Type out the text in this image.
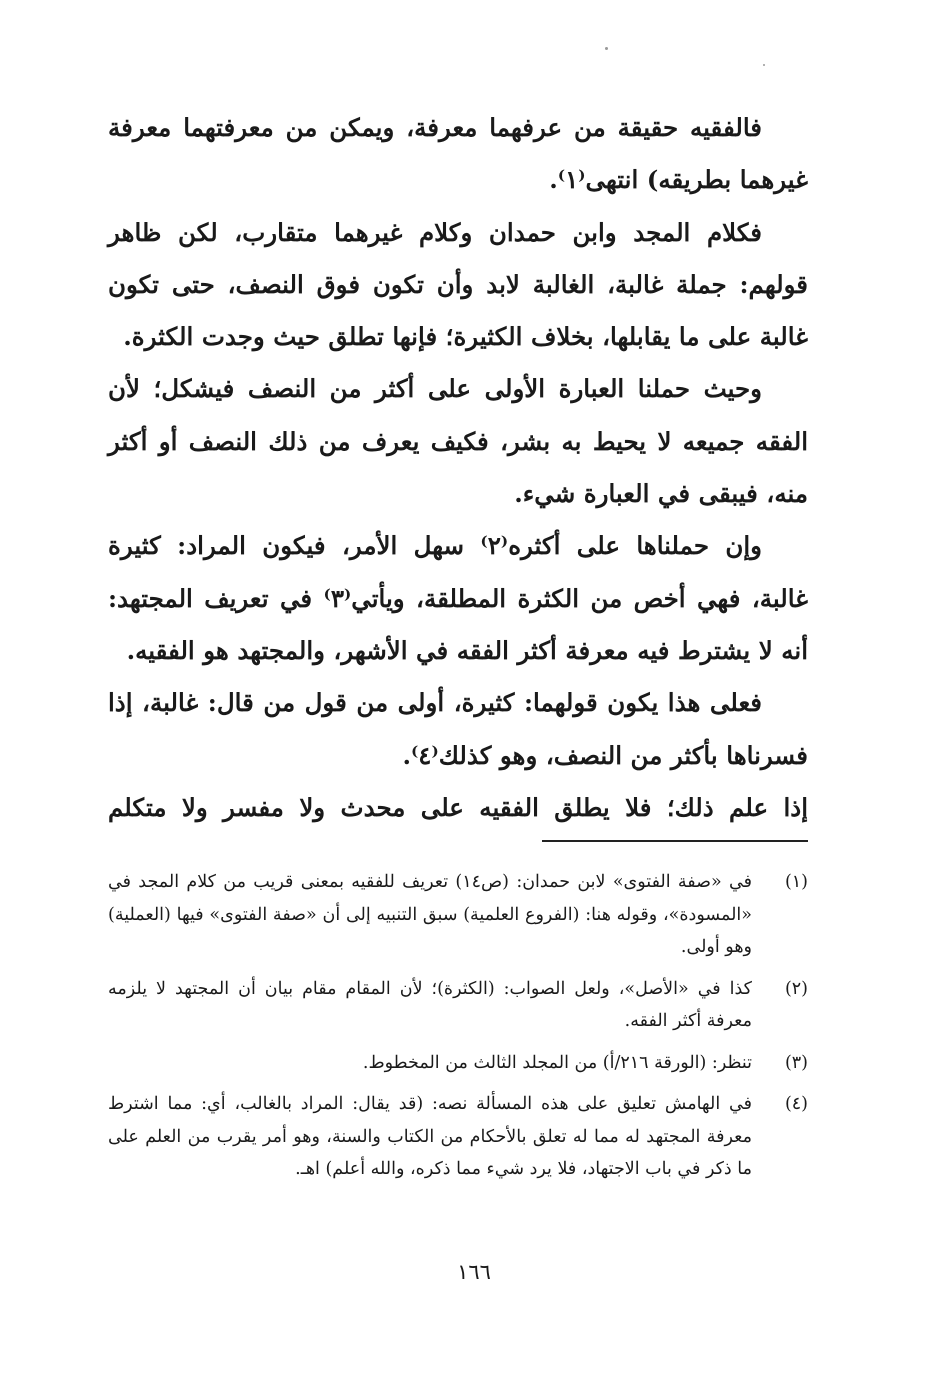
فالفقيه حقيقة من عرفهما معرفة، ويمكن من معرفتهما معرفة غيرهما بطريقه) انتهى⁽١⁾.

فكلام المجد وابن حمدان وكلام غيرهما متقارب، لكن ظاهر قولهم: جملة غالبة، الغالبة لابد وأن تكون فوق النصف، حتى تكون غالبة على ما يقابلها، بخلاف الكثيرة؛ فإنها تطلق حيث وجدت الكثرة.

وحيث حملنا العبارة الأولى على أكثر من النصف فيشكل؛ لأن الفقه جميعه لا يحيط به بشر، فكيف يعرف من ذلك النصف أو أكثر منه، فيبقى في العبارة شيء.

وإن حملناها على أكثره⁽٢⁾ سهل الأمر، فيكون المراد: كثيرة غالبة، فهي أخص من الكثرة المطلقة، ويأتي⁽٣⁾ في تعريف المجتهد: أنه لا يشترط فيه معرفة أكثر الفقه في الأشهر، والمجتهد هو الفقيه.

فعلى هذا يكون قولهما: كثيرة، أولى من قول من قال: غالبة، إذا فسرناها بأكثر من النصف، وهو كذلك⁽٤⁾.

إذا علم ذلك؛ فلا يطلق الفقيه على محدث ولا مفسر ولا متكلم

(١)
في «صفة الفتوى» لابن حمدان: (ص١٤) تعريف للفقيه بمعنى قريب من كلام المجد في «المسودة»، وقوله هنا: (الفروع العلمية) سبق التنبيه إلى أن «صفة الفتوى» فيها (العملية) وهو أولى.
(٢)
كذا في «الأصل»، ولعل الصواب: (الكثرة)؛ لأن المقام مقام بيان أن المجتهد لا يلزمه معرفة أكثر الفقه.
(٣)
تنظر: (الورقة ٢١٦/أ) من المجلد الثالث من المخطوط.
(٤)
في الهامش تعليق على هذه المسألة نصه: (قد يقال: المراد بالغالب، أي: مما اشترط معرفة المجتهد له مما له تعلق بالأحكام من الكتاب والسنة، وهو أمر يقرب من العلم على ما ذكر في باب الاجتهاد، فلا يرد شيء مما ذكره، والله أعلم) اهـ.
١٦٦
